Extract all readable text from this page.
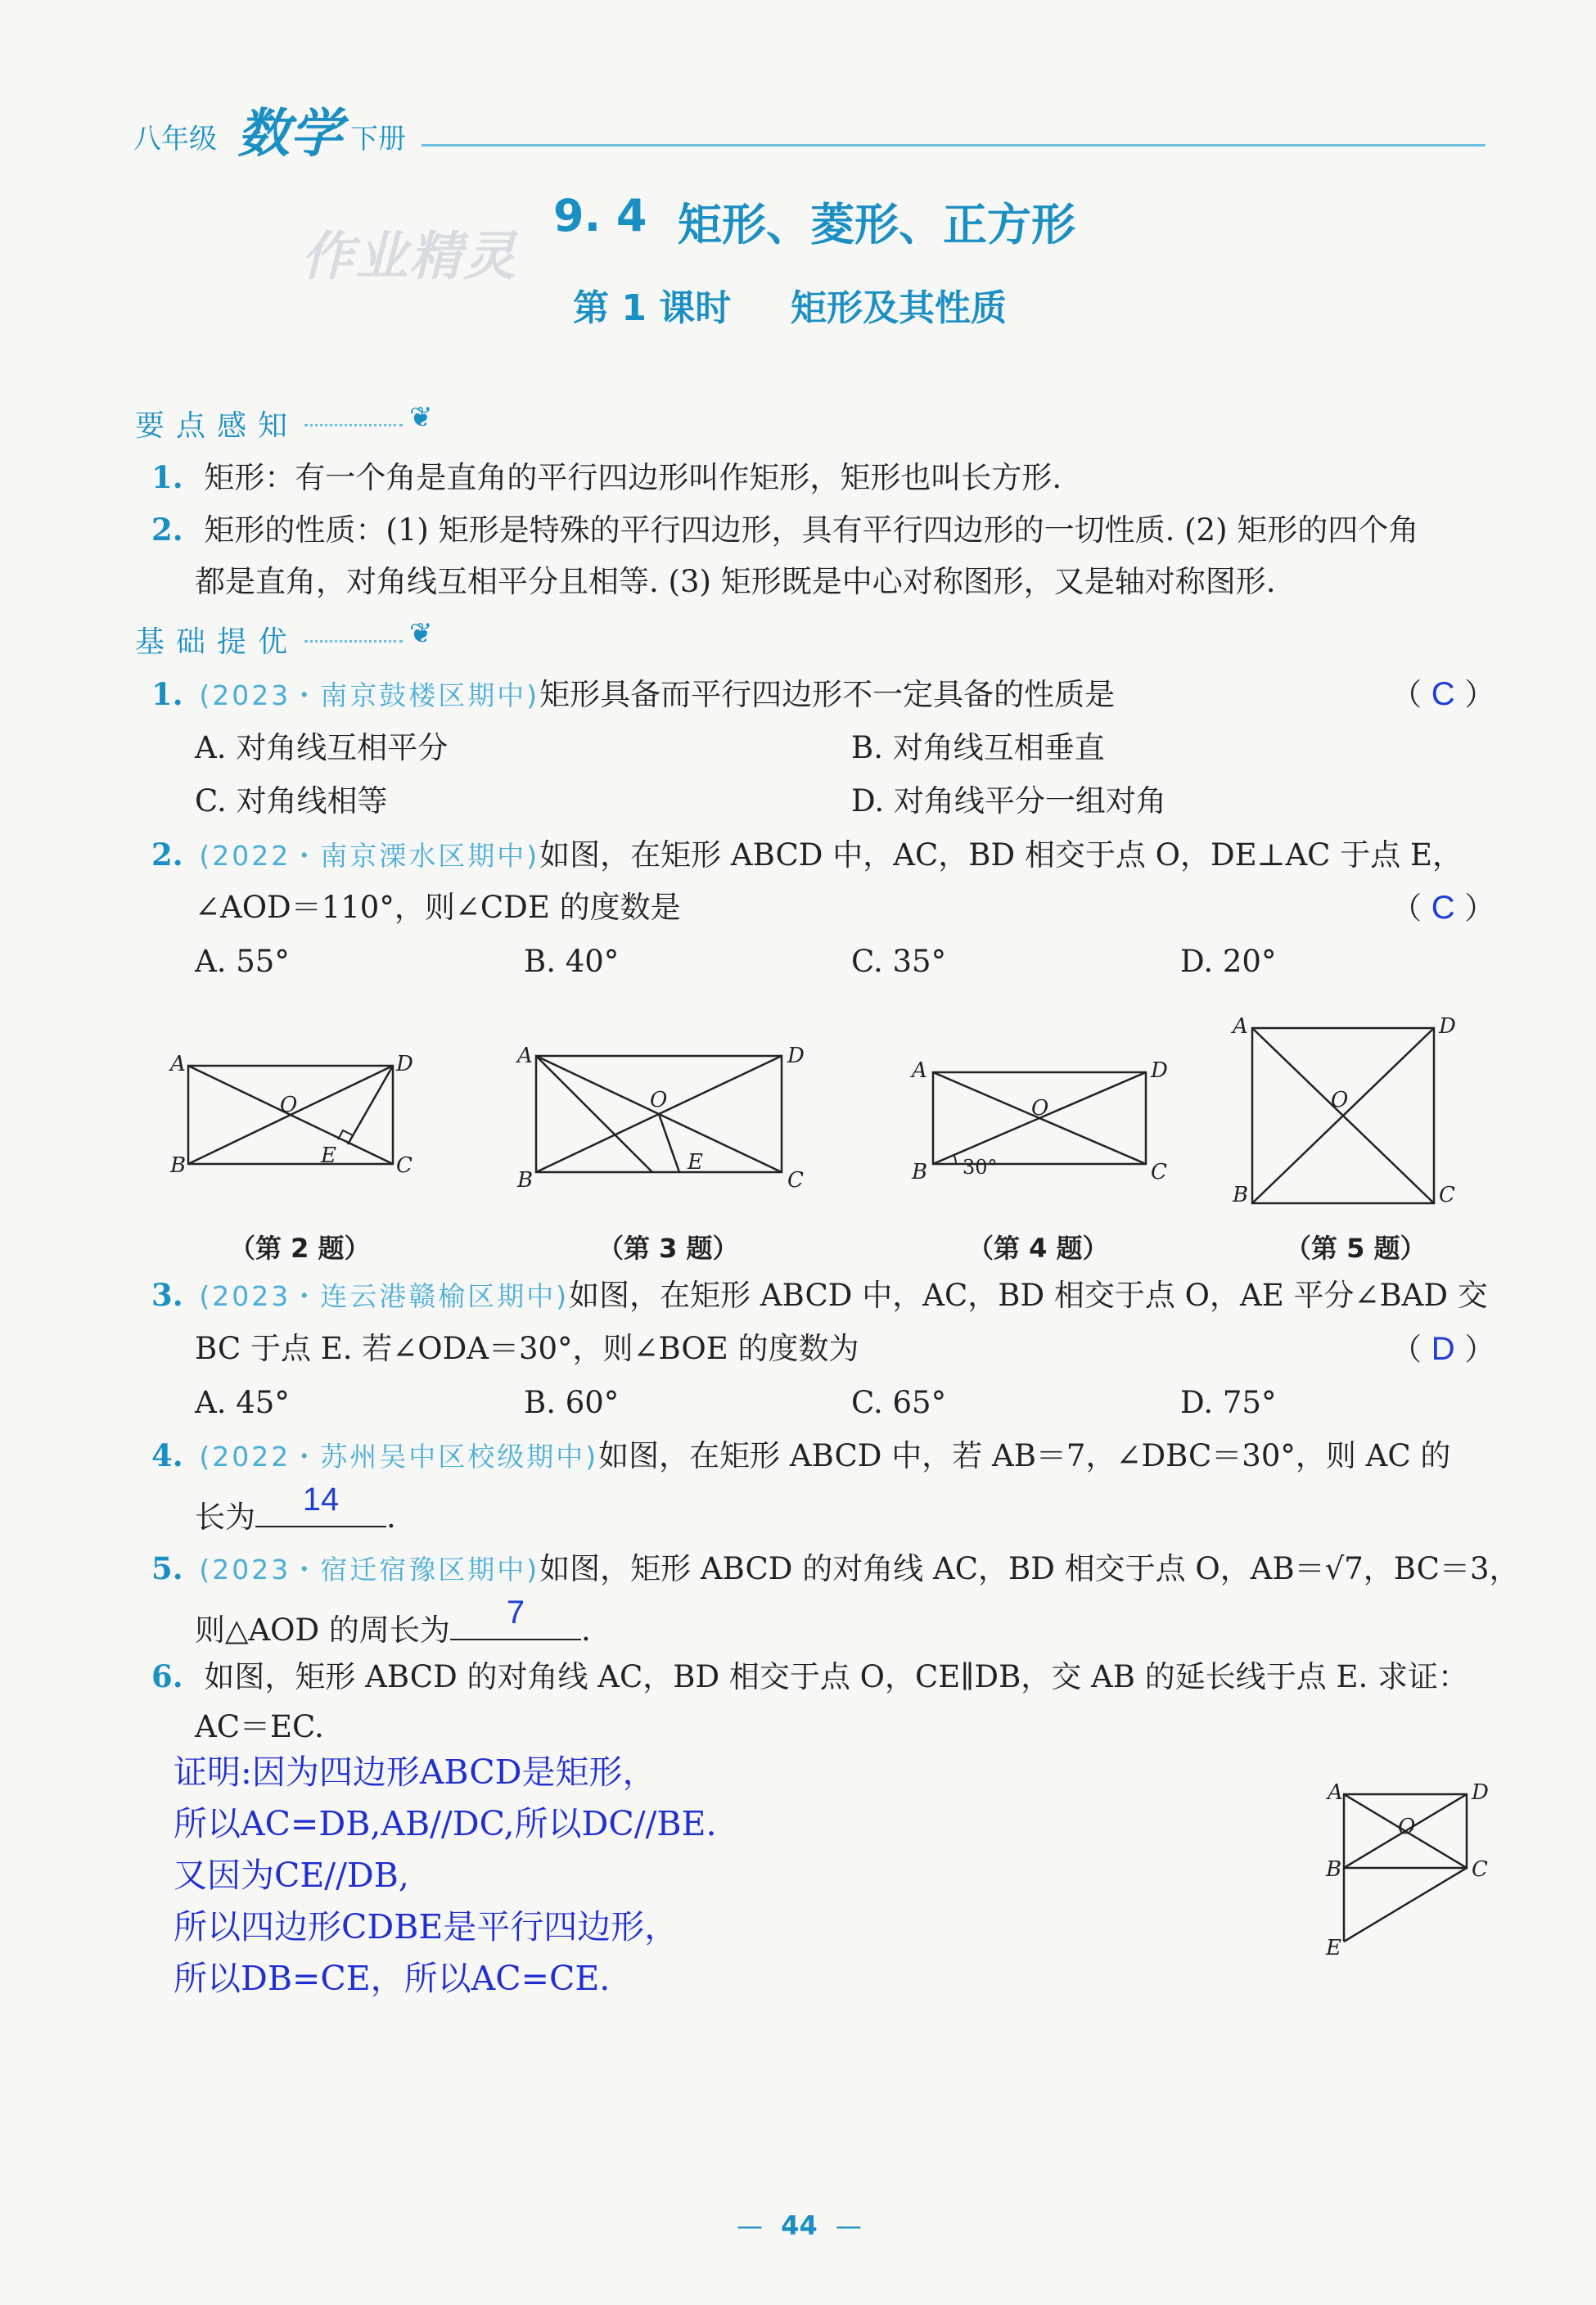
八年级 数学 下册
9. 4 矩形、菱形、正方形
第 1 课时 矩形及其性质
作业精灵
要点感知	❦
1. 矩形：有一个角是直角的平行四边形叫作矩形，矩形也叫长方形.
2. 矩形的性质：(1) 矩形是特殊的平行四边形，具有平行四边形的一切性质. (2) 矩形的四个角
都是直角，对角线互相平分且相等. (3) 矩形既是中心对称图形，又是轴对称图形.
基础提优	❦
1. (2023・南京鼓楼区期中)矩形具备而平行四边形不一定具备的性质是	（ C ）
A. 对角线互相平分	B. 对角线互相垂直
C. 对角线相等	D. 对角线平分一组对角
2. (2022・南京溧水区期中)如图，在矩形 ABCD 中，AC，BD 相交于点 O，DE⊥AC 于点 E，
∠AOD＝110°，则∠CDE 的度数是	（ C ）
A. 55°	B. 40°	C. 35°	D. 20°
A	D
B	C
O
E
A	D
B	C
O
E
A	D
B	C
O
30°
A	D
B	C
O
（第 2 题）	（第 3 题）	（第 4 题）	（第 5 题）
3. (2023・连云港赣榆区期中)如图，在矩形 ABCD 中，AC，BD 相交于点 O，AE 平分∠BAD 交
BC 于点 E. 若∠ODA＝30°，则∠BOE 的度数为	（ D ）
A. 45°	B. 60°	C. 65°	D. 75°
4. (2022・苏州吴中区校级期中)如图，在矩形 ABCD 中，若 AB＝7，∠DBC＝30°，则 AC 的
长为	14	.
5. (2023・宿迁宿豫区期中)如图，矩形 ABCD 的对角线 AC，BD 相交于点 O，AB＝√7，BC＝3，
则△AOD 的周长为	7	.
6. 如图，矩形 ABCD 的对角线 AC，BD 相交于点 O，CE∥DB，交 AB 的延长线于点 E. 求证：
AC＝EC.
证明:因为四边形ABCD是矩形，
所以AC=DB,AB//DC,所以DC//BE.
又因为CE//DB,
所以四边形CDBE是平行四边形，
所以DB=CE，所以AC=CE.
A	D
B	C
O
E
— 44 —
